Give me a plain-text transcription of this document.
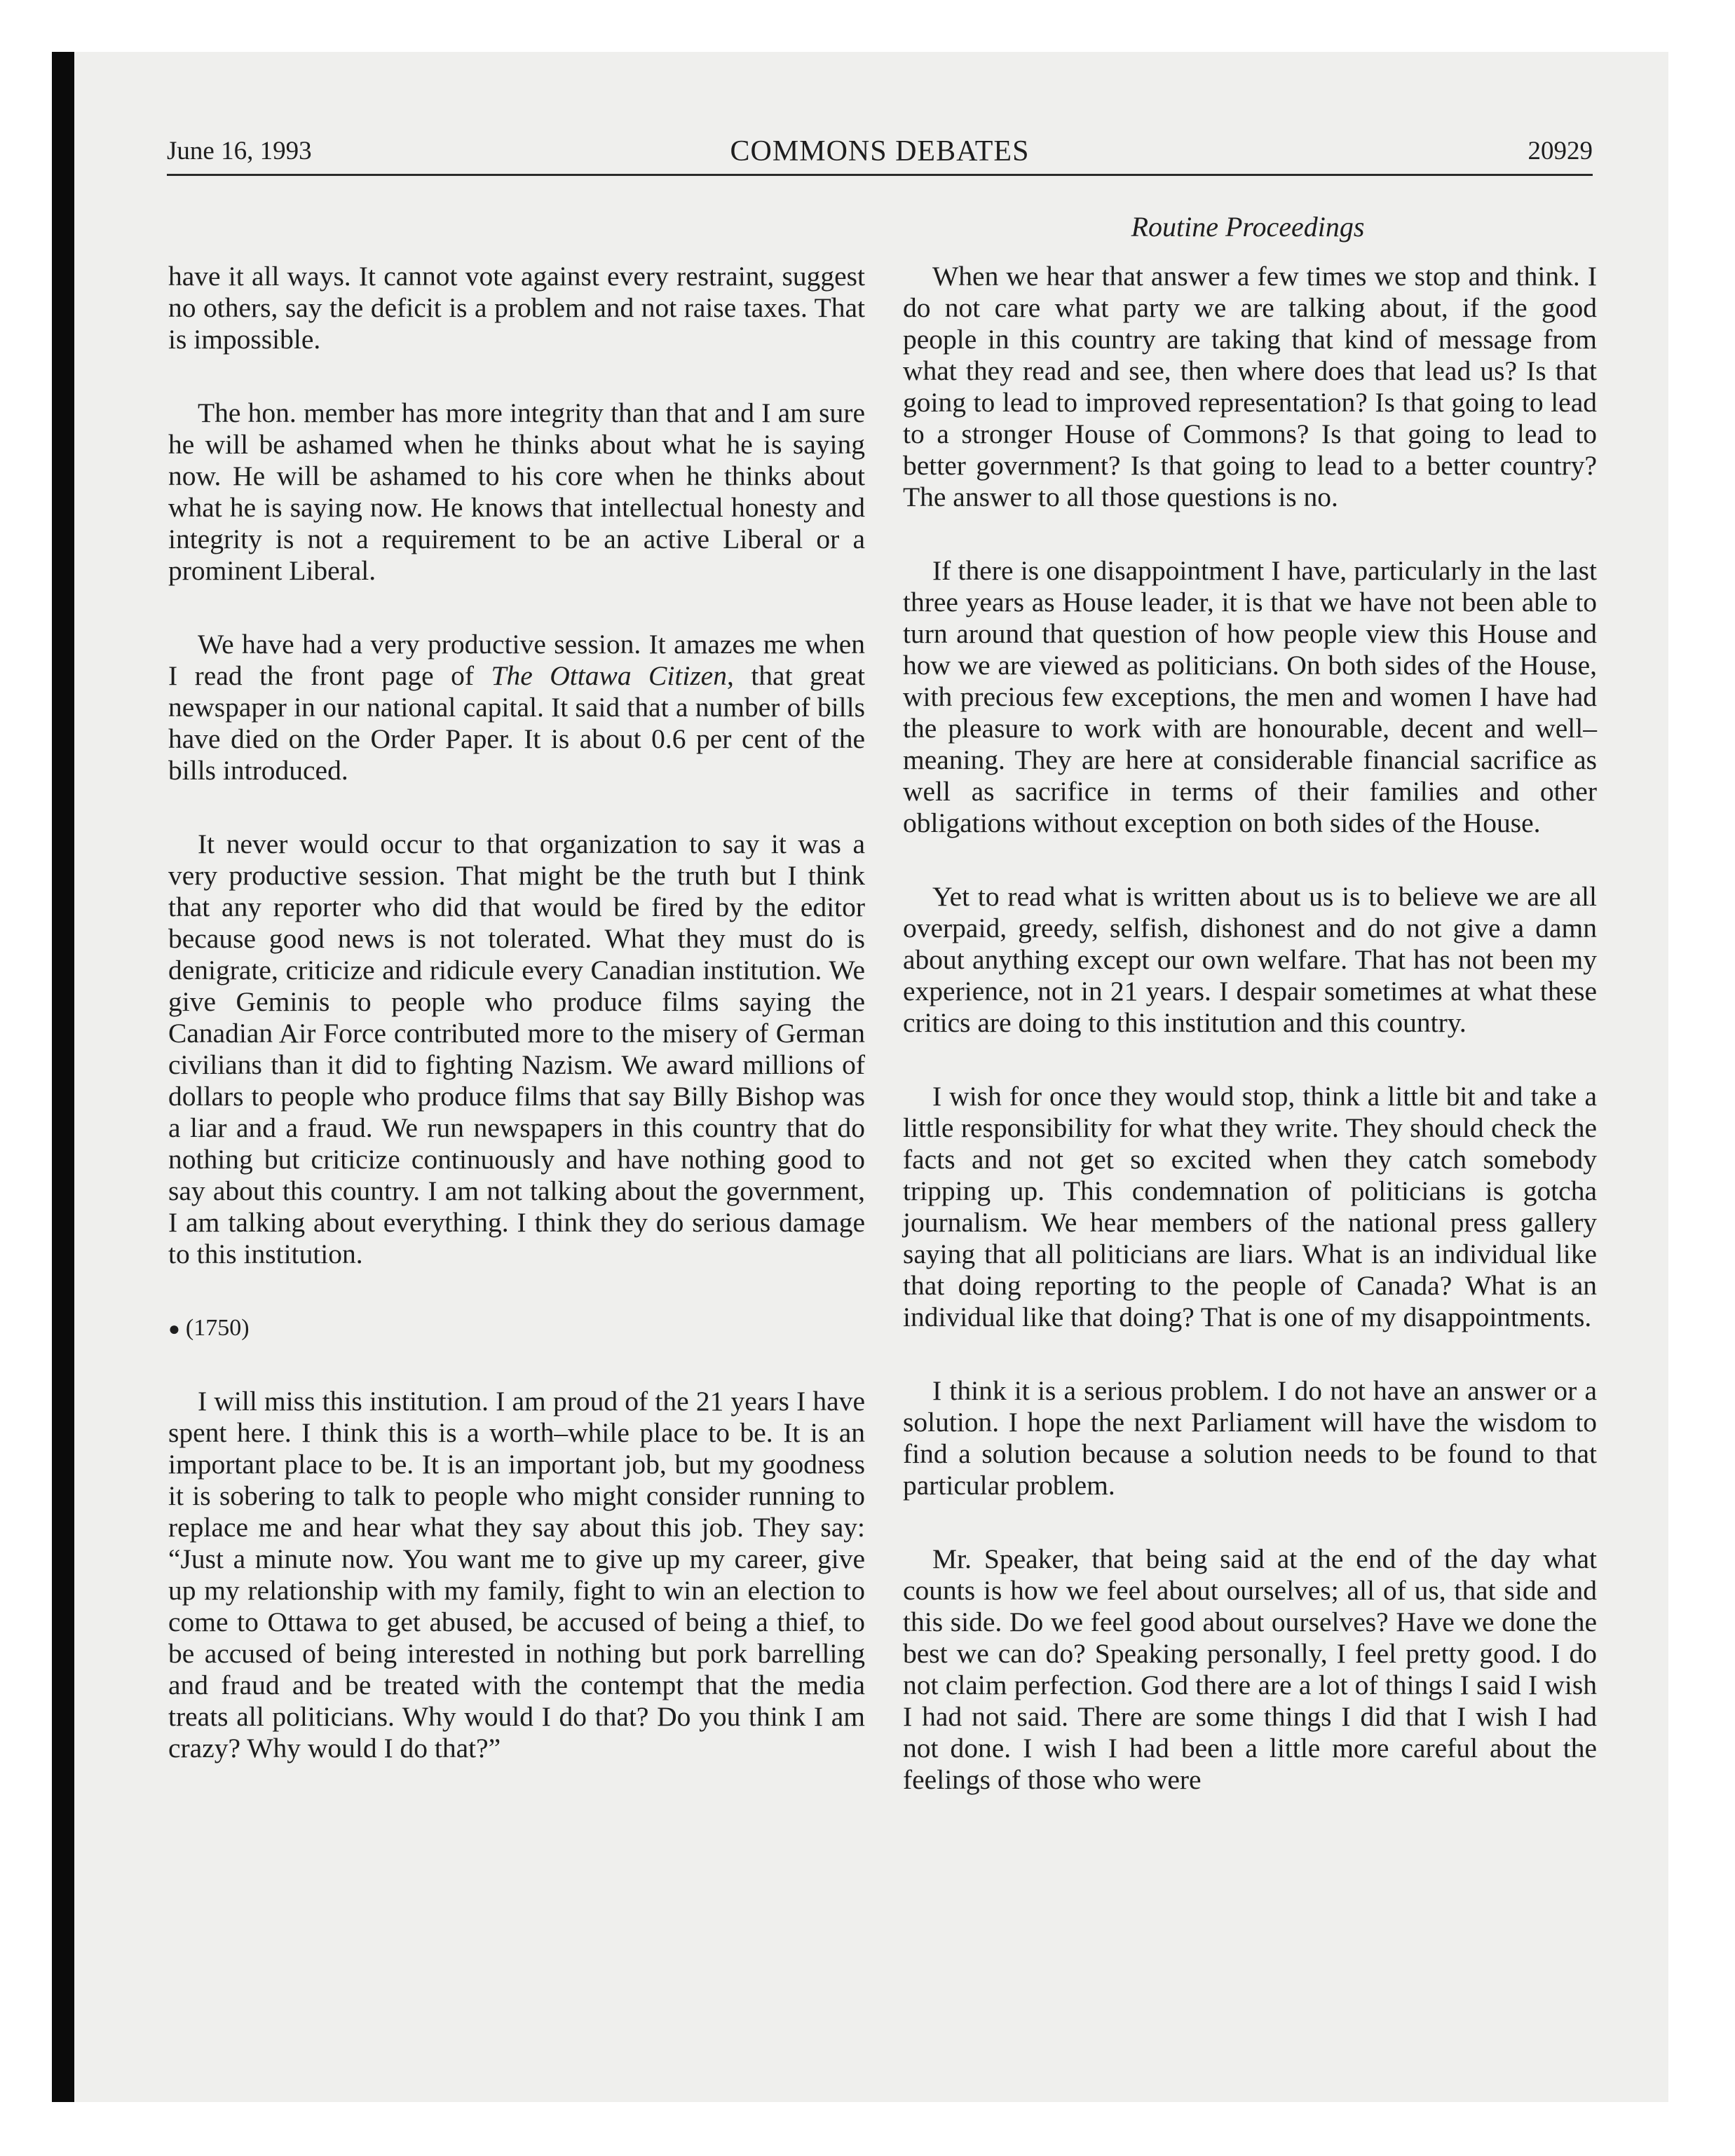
June 16, 1993	COMMONS DEBATES	20929
Routine Proceedings

have it all ways. It cannot vote against every restraint, suggest no others, say the deficit is a problem and not raise taxes. That is impossible.

The hon. member has more integrity than that and I am sure he will be ashamed when he thinks about what he is saying now. He will be ashamed to his core when he thinks about what he is saying now. He knows that intellectual honesty and integrity is not a requirement to be an active Liberal or a prominent Liberal.

We have had a very productive session. It amazes me when I read the front page of The Ottawa Citizen, that great newspaper in our national capital. It said that a number of bills have died on the Order Paper. It is about 0.6 per cent of the bills introduced.

It never would occur to that organization to say it was a very productive session. That might be the truth but I think that any reporter who did that would be fired by the editor because good news is not tolerated. What they must do is denigrate, criticize and ridicule every Canadian institution. We give Geminis to people who produce films saying the Canadian Air Force contributed more to the misery of German civilians than it did to fighting Nazism. We award millions of dollars to people who produce films that say Billy Bishop was a liar and a fraud. We run newspapers in this country that do nothing but criticize continuously and have nothing good to say about this country. I am not talking about the government, I am talking about everything. I think they do serious damage to this institution.

● (1750)

I will miss this institution. I am proud of the 21 years I have spent here. I think this is a worth–while place to be. It is an important place to be. It is an important job, but my goodness it is sobering to talk to people who might consider running to replace me and hear what they say about this job. They say: “Just a minute now. You want me to give up my career, give up my relationship with my family, fight to win an election to come to Ottawa to get abused, be accused of being a thief, to be accused of being interested in nothing but pork barrelling and fraud and be treated with the contempt that the media treats all politicians. Why would I do that? Do you think I am crazy? Why would I do that?”

When we hear that answer a few times we stop and think. I do not care what party we are talking about, if the good people in this country are taking that kind of message from what they read and see, then where does that lead us? Is that going to lead to improved representation? Is that going to lead to a stronger House of Commons? Is that going to lead to better government? Is that going to lead to a better country? The answer to all those questions is no.

If there is one disappointment I have, particularly in the last three years as House leader, it is that we have not been able to turn around that question of how people view this House and how we are viewed as politicians. On both sides of the House, with precious few exceptions, the men and women I have had the pleasure to work with are honourable, decent and well–meaning. They are here at considerable financial sacrifice as well as sacrifice in terms of their families and other obligations without exception on both sides of the House.

Yet to read what is written about us is to believe we are all overpaid, greedy, selfish, dishonest and do not give a damn about anything except our own welfare. That has not been my experience, not in 21 years. I despair sometimes at what these critics are doing to this institution and this country.

I wish for once they would stop, think a little bit and take a little responsibility for what they write. They should check the facts and not get so excited when they catch somebody tripping up. This condemnation of politicians is gotcha journalism. We hear members of the national press gallery saying that all politicians are liars. What is an individual like that doing reporting to the people of Canada? What is an individual like that doing? That is one of my disappointments.

I think it is a serious problem. I do not have an answer or a solution. I hope the next Parliament will have the wisdom to find a solution because a solution needs to be found to that particular problem.

Mr. Speaker, that being said at the end of the day what counts is how we feel about ourselves; all of us, that side and this side. Do we feel good about ourselves? Have we done the best we can do? Speaking personally, I feel pretty good. I do not claim perfection. God there are a lot of things I said I wish I had not said. There are some things I did that I wish I had not done. I wish I had been a little more careful about the feelings of those who were
